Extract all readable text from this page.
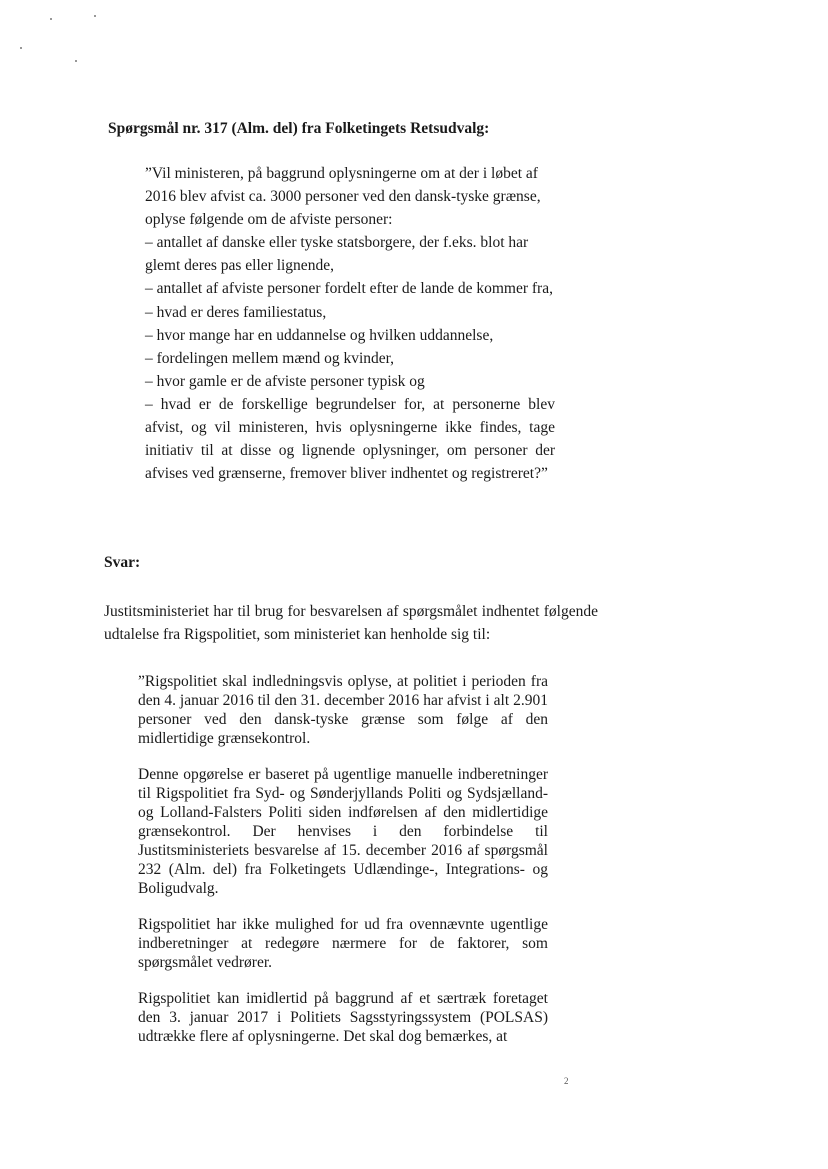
Spørgsmål nr. 317 (Alm. del) fra Folketingets Retsudvalg:

”Vil ministeren, på baggrund oplysningerne om at der i løbet af 2016 blev afvist ca. 3000 personer ved den dansk-tyske grænse, oplyse følgende om de afviste personer:

– antallet af danske eller tyske statsborgere, der f.eks. blot har glemt deres pas eller lignende,

– antallet af afviste personer fordelt efter de lande de kommer fra,

– hvad er deres familiestatus,

– hvor mange har en uddannelse og hvilken uddannelse,

– fordelingen mellem mænd og kvinder,

– hvor gamle er de afviste personer typisk og

– hvad er de forskellige begrundelser for, at personerne blev afvist, og vil ministeren, hvis oplysningerne ikke findes, tage initiativ til at disse og lignende oplysninger, om personer der afvises ved grænserne, fremover bliver indhentet og registreret?”

Svar:

Justitsministeriet har til brug for besvarelsen af spørgsmålet indhentet følgende udtalelse fra Rigspolitiet, som ministeriet kan henholde sig til:

”Rigspolitiet skal indledningsvis oplyse, at politiet i perioden fra den 4. januar 2016 til den 31. december 2016 har afvist i alt 2.901 personer ved den dansk-tyske grænse som følge af den midlertidige grænsekontrol.

Denne opgørelse er baseret på ugentlige manuelle indberetninger til Rigspolitiet fra Syd- og Sønderjyllands Politi og Sydsjælland- og Lolland-Falsters Politi siden indførelsen af den midlertidige grænsekontrol. Der henvises i den forbindelse til Justitsministeriets besvarelse af 15. december 2016 af spørgsmål 232 (Alm. del) fra Folketingets Udlændinge-, Integrations- og Boligudvalg.

Rigspolitiet har ikke mulighed for ud fra ovennævnte ugentlige indberetninger at redegøre nærmere for de faktorer, som spørgsmålet vedrører.

Rigspolitiet kan imidlertid på baggrund af et særtræk foretaget den 3. januar 2017 i Politiets Sagsstyringssystem (POLSAS) udtrække flere af oplysningerne. Det skal dog bemærkes, at

2
